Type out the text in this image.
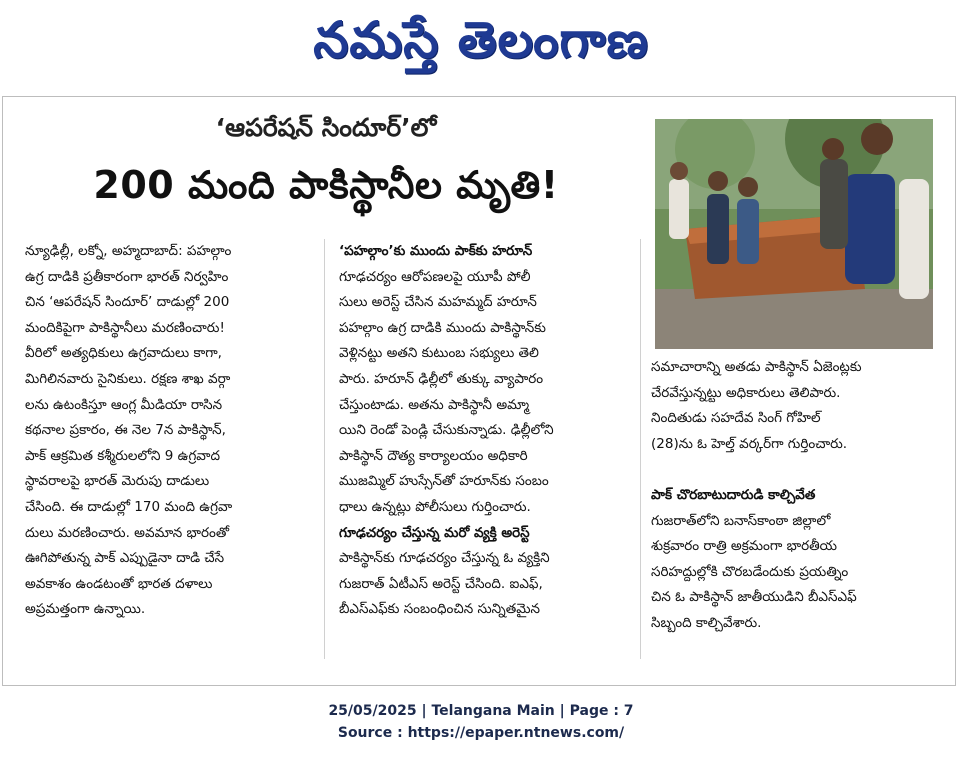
నమస్తే తెలంగాణ
‘ఆపరేషన్ సిందూర్’లో
200 మంది పాకిస్థానీల మృతి!
న్యూఢిల్లీ, లక్నో, అహ్మదాబాద్: పహల్గాం
ఉగ్ర దాడికి ప్రతీకారంగా భారత్ నిర్వహిం
చిన ‘ఆపరేషన్ సిందూర్’ దాడుల్లో 200
మందికిపైగా పాకిస్థానీలు మరణించారు!
వీరిలో అత్యధికులు ఉగ్రవాదులు కాగా,
మిగిలినవారు సైనికులు. రక్షణ శాఖ వర్గా
లను ఉటంకిస్తూ ఆంగ్ల మీడియా రాసిన
కథనాల ప్రకారం, ఈ నెల 7న పాకిస్థాన్,
పాక్ ఆక్రమిత కశ్మీరులలోని 9 ఉగ్రవాద
స్థావరాలపై భారత్ మెరుపు దాడులు
చేసింది. ఈ దాడుల్లో 170 మంది ఉగ్రవా
దులు మరణించారు. అవమాన భారంతో
ఊగిపోతున్న పాక్ ఎప్పుడైనా దాడి చేసే
అవకాశం ఉండటంతో భారత దళాలు
అప్రమత్తంగా ఉన్నాయి.
‘పహల్గాం’కు ముందు పాక్‌కు హరూన్
గూఢచర్యం ఆరోపణలపై యూపీ పోలీ
సులు అరెస్ట్ చేసిన మహమ్మద్ హరూన్
పహల్గాం ఉగ్ర దాడికి ముందు పాకిస్థాన్‌కు
వెళ్లినట్టు అతని కుటుంబ సభ్యులు తెలి
పారు. హరూన్ ఢిల్లీలో తుక్కు వ్యాపారం
చేస్తుంటాడు. అతను పాకిస్థానీ అమ్మా
యిని రెండో పెండ్లి చేసుకున్నాడు. ఢిల్లీలోని
పాకిస్థాన్ దౌత్య కార్యాలయం అధికారి
ముజమ్మిల్ హుస్సేన్‌తో హరూన్‌కు సంబం
ధాలు ఉన్నట్లు పోలీసులు గుర్తించారు.
గూఢచర్యం చేస్తున్న మరో వ్యక్తి అరెస్ట్
పాకిస్థాన్‌కు గూఢచర్యం చేస్తున్న ఓ వ్యక్తిని
గుజరాత్ ఏటీఎస్ అరెస్ట్ చేసింది. ఐఎఫ్,
బీఎస్ఎఫ్‌కు సంబంధించిన సున్నితమైన
సమాచారాన్ని అతడు పాకిస్థాన్ ఏజెంట్లకు
చేరవేస్తున్నట్టు అధికారులు తెలిపారు.
నిందితుడు సహదేవ సింగ్ గోహిల్
(28)ను ఓ హెల్త్ వర్కర్‌గా గుర్తించారు.
పాక్ చొరబాటుదారుడి కాల్చివేత
గుజరాత్‌లోని బనాస్‌కాంఠా జిల్లాలో
శుక్రవారం రాత్రి అక్రమంగా భారతీయ
సరిహద్దుల్లోకి చొరబడేందుకు ప్రయత్నిం
చిన ఓ పాకిస్థాన్ జాతీయుడిని బీఎస్ఎఫ్
సిబ్బంది కాల్చివేశారు.
25/05/2025 | Telangana Main | Page : 7
Source : https://epaper.ntnews.com/
